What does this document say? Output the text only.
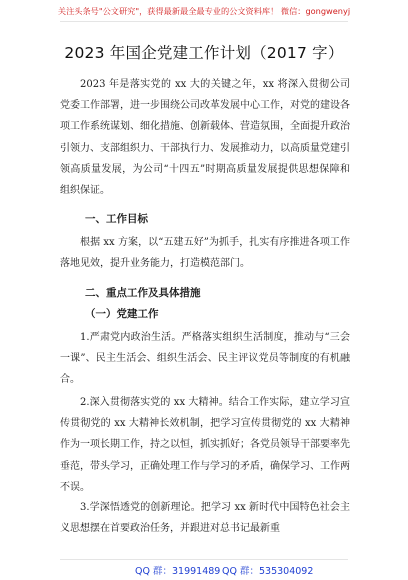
关注头条号"公文研究"，获得最新最全最专业的公文资料库！ 微信：gongwenyj
2023 年国企党建工作计划（2017 字）

2023 年是落实党的 xx 大的关键之年，xx 将深入贯彻公司党委工作部署，进一步围绕公司改革发展中心工作，对党的建设各项工作系统谋划、细化措施、创新载体、营造氛围，全面提升政治引领力、支部组织力、干部执行力、发展推动力，以高质量党建引领高质量发展，为公司“十四五”时期高质量发展提供思想保障和组织保证。

一、工作目标

根据 xx 方案，以“五建五好”为抓手，扎实有序推进各项工作落地见效，提升业务能力，打造模范部门。

二、重点工作及具体措施
（一）党建工作

1.严肃党内政治生活。严格落实组织生活制度，推动与“三会一课”、民主生活会、组织生活会、民主评议党员等制度的有机融合。

2.深入贯彻落实党的 xx 大精神。结合工作实际，建立学习宣传贯彻党的 xx 大精神长效机制，把学习宣传贯彻党的 xx 大精神作为一项长期工作，持之以恒，抓实抓好；各党员领导干部要率先垂范，带头学习，正确处理工作与学习的矛盾，确保学习、工作两不误。

3.学深悟透党的创新理论。把学习 xx 新时代中国特色社会主义思想摆在首要政治任务，并跟进对总书记最新重

QQ 群：31991489 QQ 群：535304092
